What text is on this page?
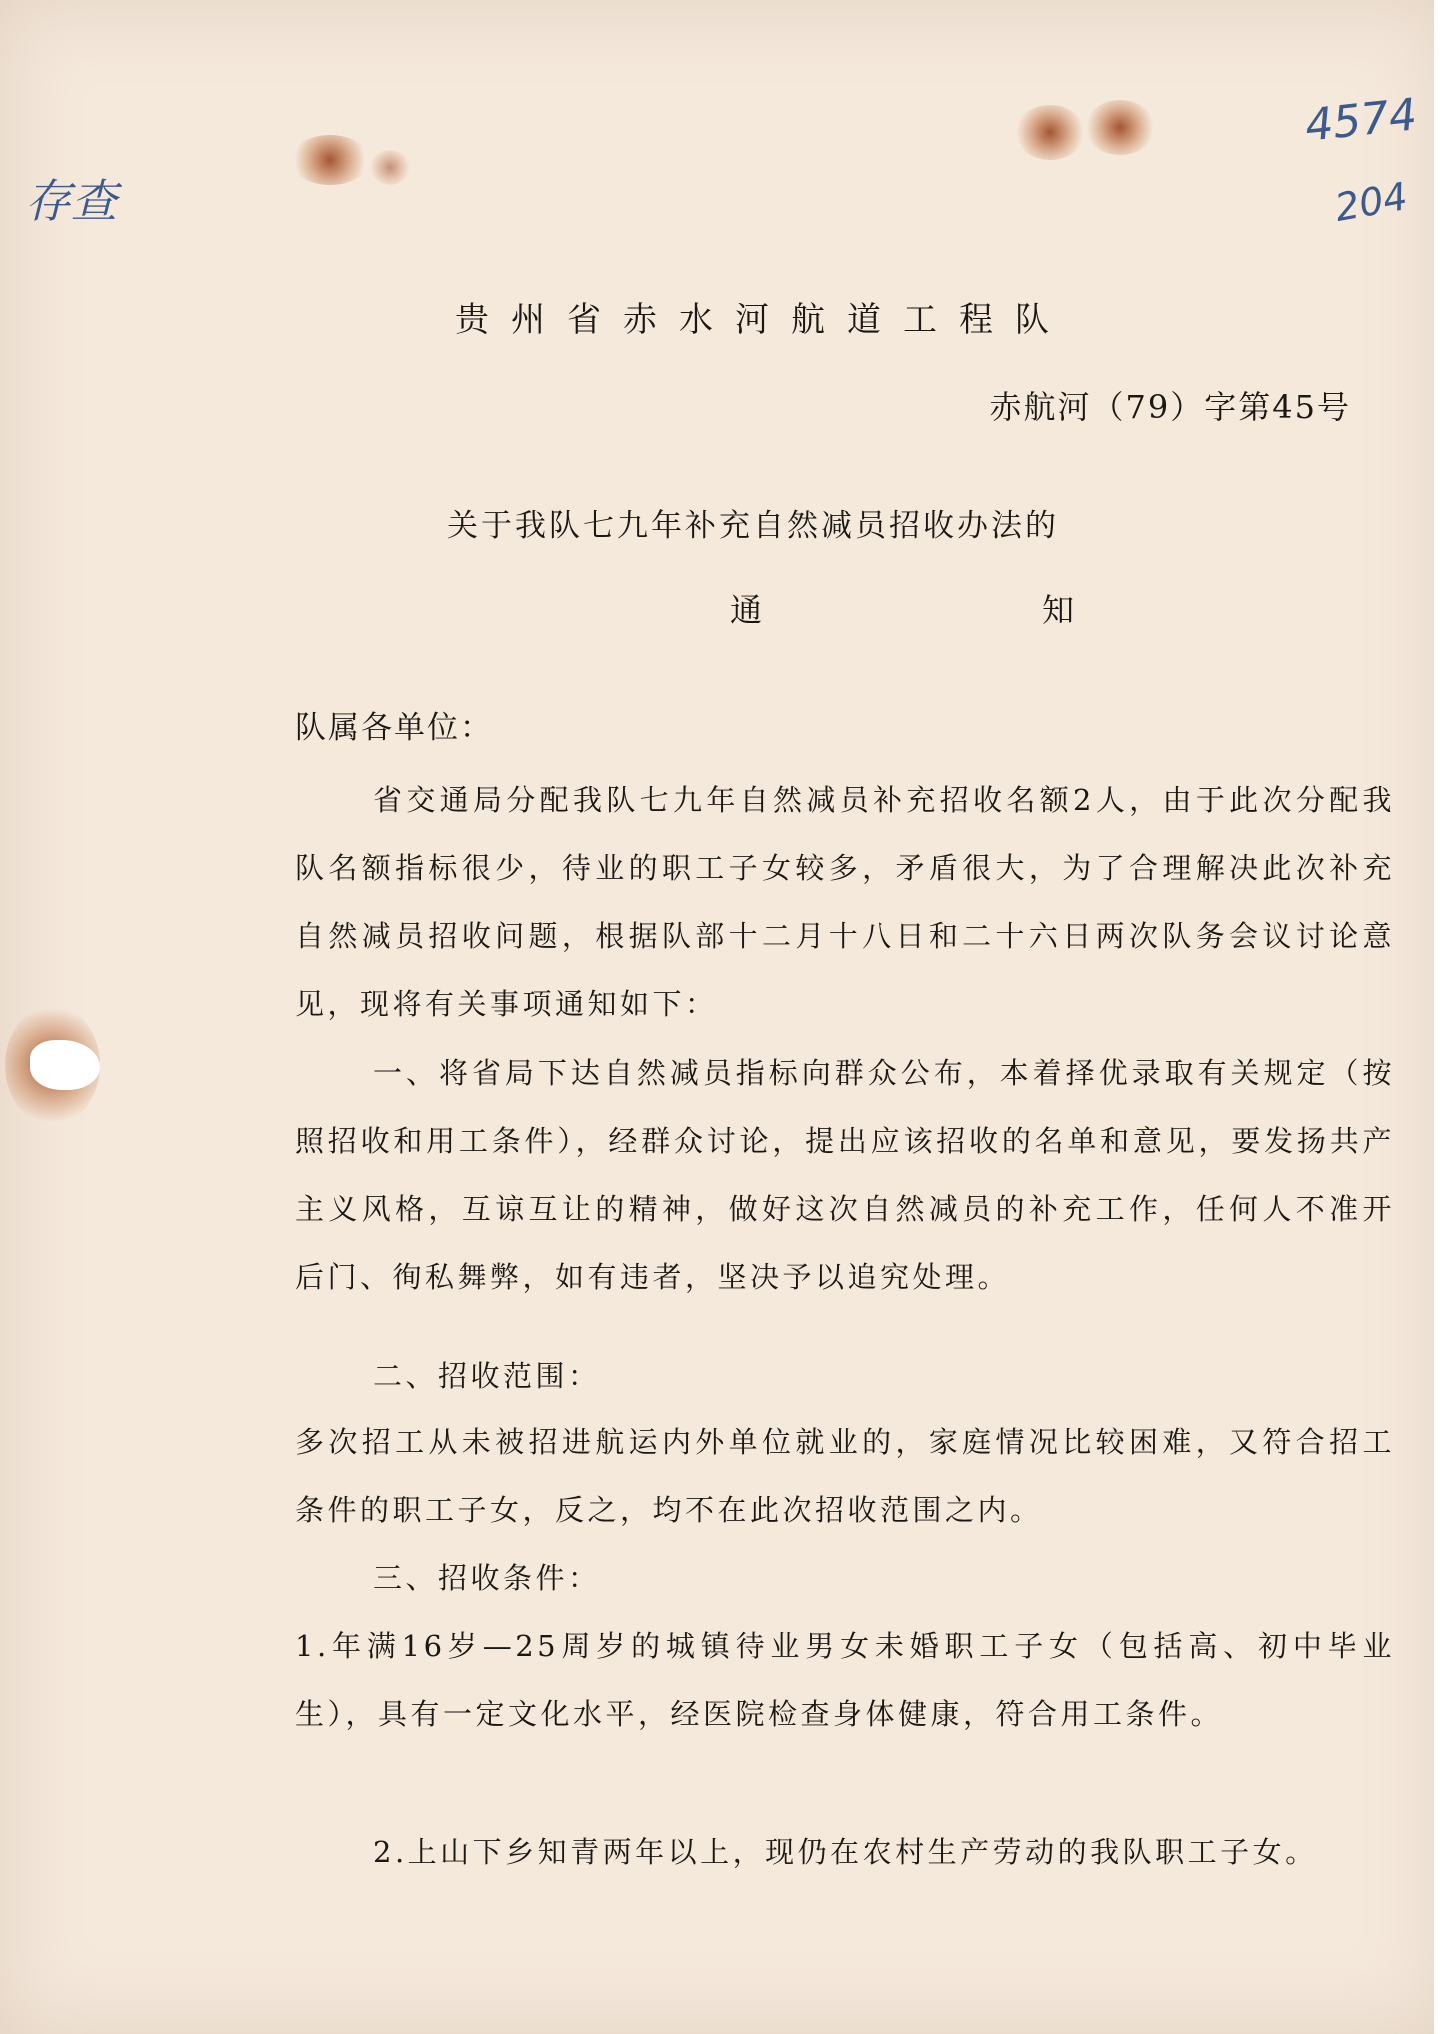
存查
4574
204
贵州省赤水河航道工程队
赤航河（79）字第45号
关于我队七九年补充自然减员招收办法的
通知
队属各单位：

省交通局分配我队七九年自然减员补充招收名额2人，由于此次分配我队名额指标很少，待业的职工子女较多，矛盾很大，为了合理解决此次补充自然减员招收问题，根据队部十二月十八日和二十六日两次队务会议讨论意见，现将有关事项通知如下：

一、将省局下达自然减员指标向群众公布，本着择优录取有关规定（按照招收和用工条件），经群众讨论，提出应该招收的名单和意见，要发扬共产主义风格，互谅互让的精神，做好这次自然减员的补充工作，任何人不准开后门、徇私舞弊，如有违者，坚决予以追究处理。

二、招收范围：

多次招工从未被招进航运内外单位就业的，家庭情况比较困难，又符合招工条件的职工子女，反之，均不在此次招收范围之内。

三、招收条件：

1.年满16岁—25周岁的城镇待业男女未婚职工子女（包括高、初中毕业生），具有一定文化水平，经医院检查身体健康，符合用工条件。

2.上山下乡知青两年以上，现仍在农村生产劳动的我队职工子女。
